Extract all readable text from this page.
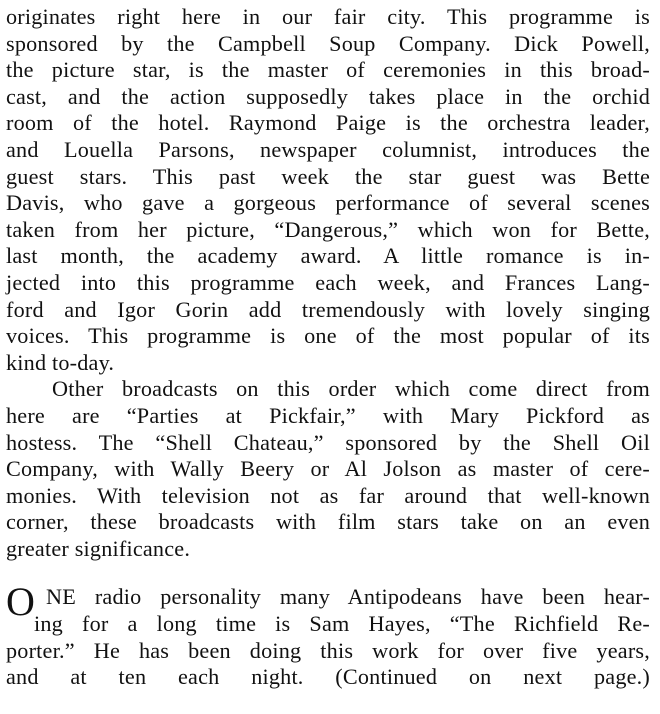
originates right here in our fair city. This programme is
sponsored by the Campbell Soup Company. Dick Powell,
the picture star, is the master of ceremonies in this broad-
cast, and the action supposedly takes place in the orchid
room of the hotel. Raymond Paige is the orchestra leader,
and Louella Parsons, newspaper columnist, introduces the
guest stars. This past week the star guest was Bette
Davis, who gave a gorgeous performance of several scenes
taken from her picture, “Dangerous,” which won for Bette,
last month, the academy award. A little romance is in-
jected into this programme each week, and Frances Lang-
ford and Igor Gorin add tremendously with lovely singing
voices. This programme is one of the most popular of its
kind to-day.
Other broadcasts on this order which come direct from
here are “Parties at Pickfair,” with Mary Pickford as
hostess. The “Shell Chateau,” sponsored by the Shell Oil
Company, with Wally Beery or Al Jolson as master of cere-
monies. With television not as far around that well-known
corner, these broadcasts with film stars take on an even
greater significance.
O NE radio personality many Antipodeans have been hear-
ing for a long time is Sam Hayes, “The Richfield Re-
porter.” He has been doing this work for over five years,
and at ten each night. (Continued on next page.)
